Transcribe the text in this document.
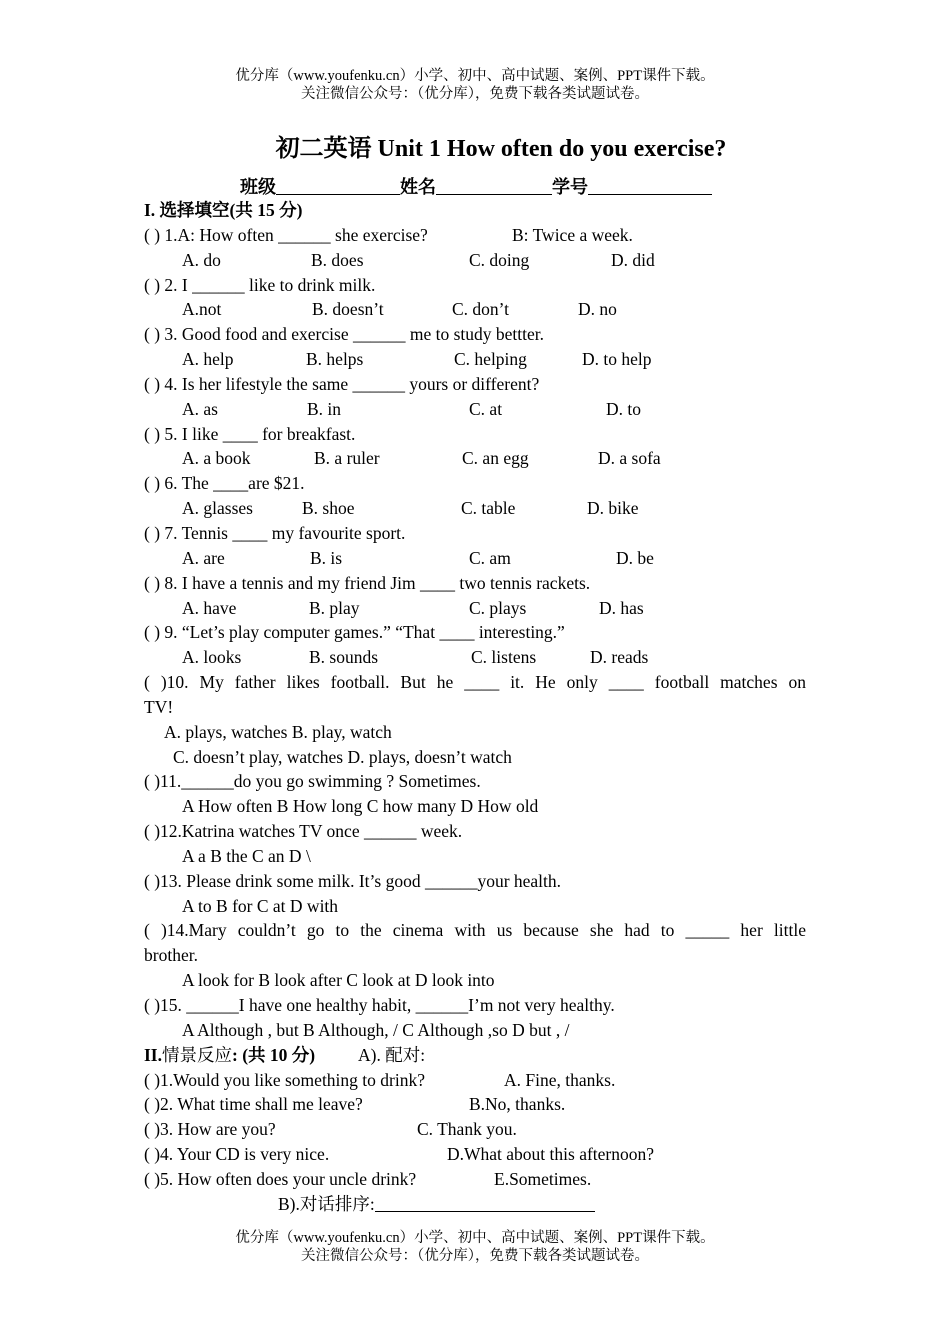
优分库（www.youfenku.cn）小学、初中、高中试题、案例、PPT课件下载。
关注微信公众号：（优分库），免费下载各类试题试卷。
初二英语 Unit 1 How often do you exercise?
班级	姓名	学号
I. 选择填空(共 15 分)
( ) 1.A: How often ______ she exercise?	B: Twice a week.
A. do	B. does	C. doing	D. did
( ) 2. I ______ like to drink milk.
A.not	B. doesn’t	C. don’t	D. no
( ) 3. Good food and exercise ______ me to study bettter.
A. help	B. helps	C. helping	D. to help
( ) 4. Is her lifestyle the same ______ yours or different?
A. as	B. in	C. at	D. to
( ) 5. I like ____ for breakfast.
A. a book	B. a ruler	C. an egg	D. a sofa
( ) 6. The ____are $21.
A. glasses	B. shoe	C. table	D. bike
( ) 7. Tennis ____ my favourite sport.
A. are	B. is	C. am	D. be
( ) 8. I have a tennis and my friend Jim ____ two tennis rackets.
A. have	B. play	C. plays	D. has
( ) 9. “Let’s play computer games.” “That ____ interesting.”
A. looks	B. sounds	C. listens	D. reads
( )10. My father likes football. But he ____ it. He only ____ football matches on
TV!
A. plays, watches B. play, watch
C. doesn’t play, watches D. plays, doesn’t watch
( )11.______do you go swimming ? Sometimes.
A How often B How long C how many D How old
( )12.Katrina watches TV once ______ week.
A a B the C an D \
( )13. Please drink some milk. It’s good ______your health.
A to B for C at D with
( )14.Mary couldn’t go to the cinema with us because she had to _____ her little
brother.
A look for B look after C look at D look into
( )15. ______I have one healthy habit, ______I’m not very healthy.
A Although , but B Although, / C Although ,so D but , /
II.情景反应: (共 10 分) A). 配对:
( )1.Would you like something to drink?	A. Fine, thanks.
( )2. What time shall me leave?	B.No, thanks.
( )3. How are you?	C. Thank you.
( )4. Your CD is very nice.	D.What about this afternoon?
( )5. How often does your uncle drink?	E.Sometimes.
B).对话排序:
优分库（www.youfenku.cn）小学、初中、高中试题、案例、PPT课件下载。
关注微信公众号：（优分库），免费下载各类试题试卷。
